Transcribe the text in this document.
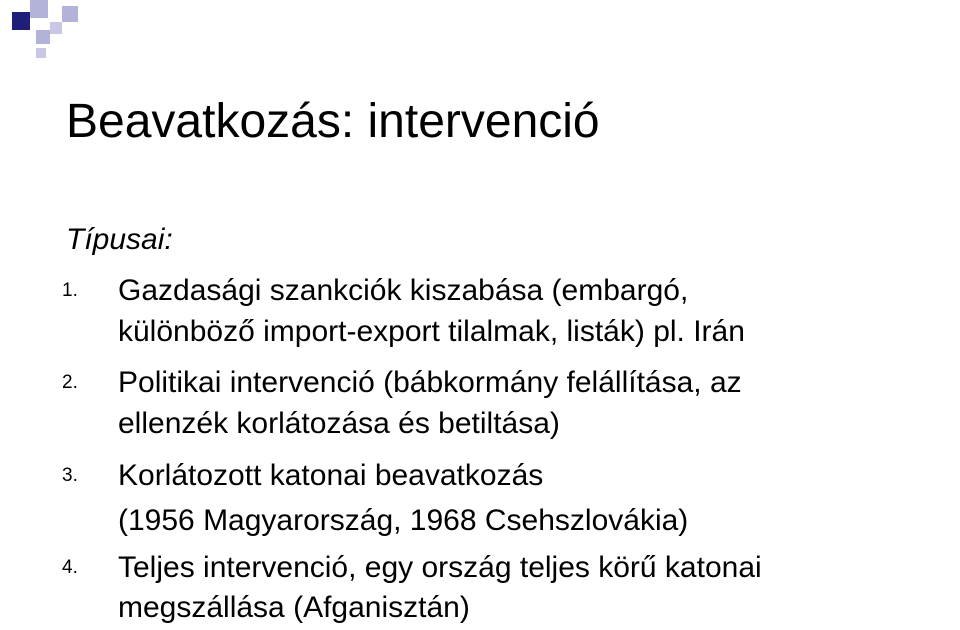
Beavatkozás: intervenció
Típusai:
1. Gazdasági szankciók kiszabása (embargó,
különböző import-export tilalmak, listák) pl. Irán
2. Politikai intervenció (bábkormány felállítása, az
ellenzék korlátozása és betiltása)
3. Korlátozott katonai beavatkozás
(1956 Magyarország, 1968 Csehszlovákia)
4. Teljes intervenció, egy ország teljes körű katonai
megszállása (Afganisztán)
